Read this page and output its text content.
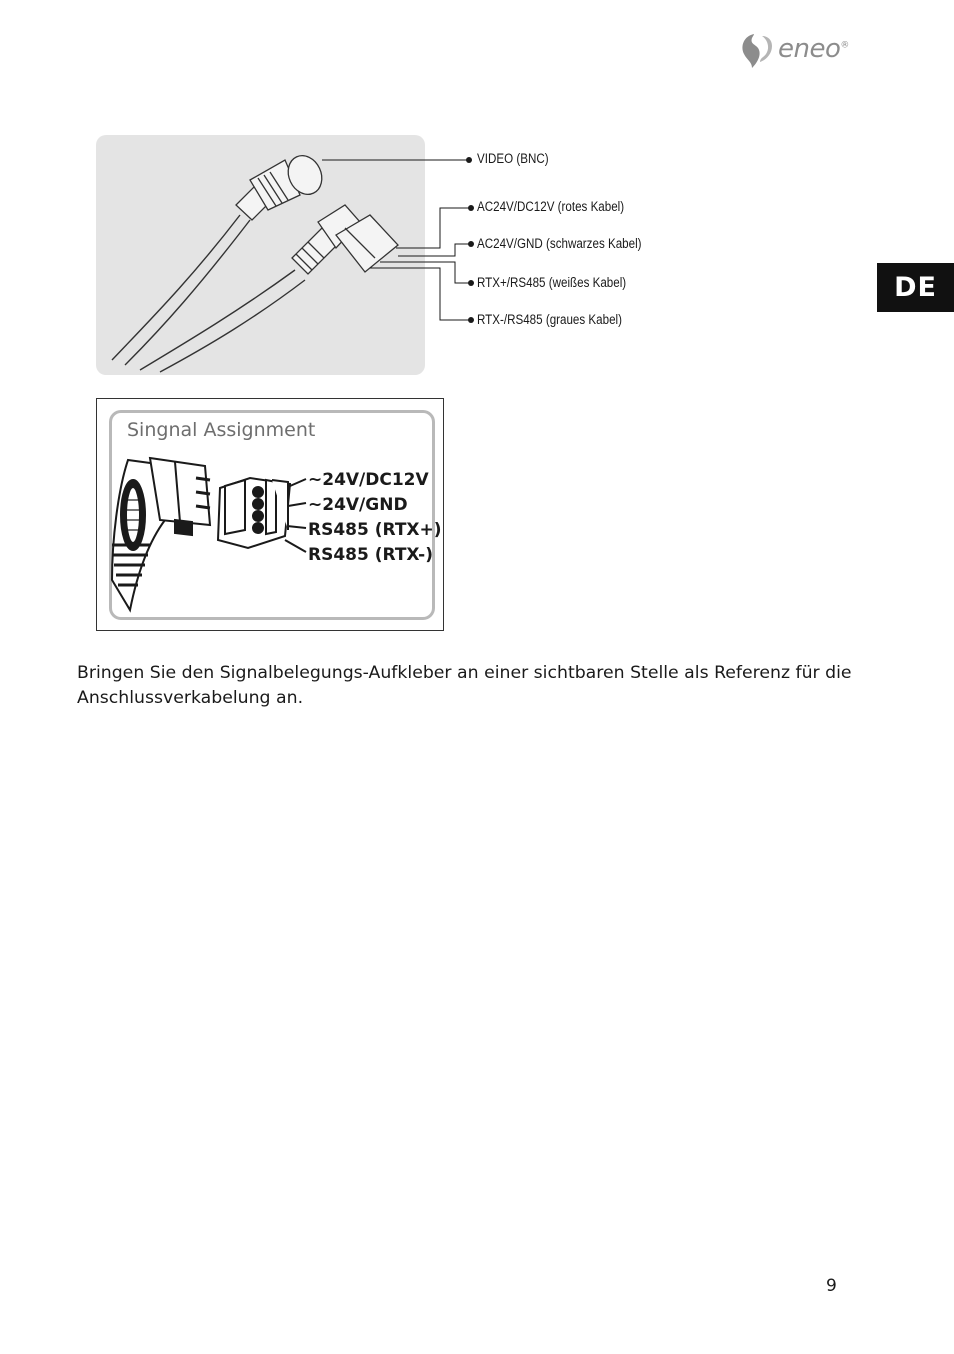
eneo®
DE
VIDEO (BNC)
AC24V/DC12V (rotes Kabel)
AC24V/GND (schwarzes Kabel)
RTX+/RS485 (weißes Kabel)
RTX-/RS485 (graues Kabel)
Singnal Assignment
~24V/DC12V
~24V/GND
RS485 (RTX+)
RS485 (RTX-)

Bringen Sie den Signalbelegungs-Aufkleber an einer sichtbaren Stelle als Referenz für die Anschlussverkabelung an.

9
